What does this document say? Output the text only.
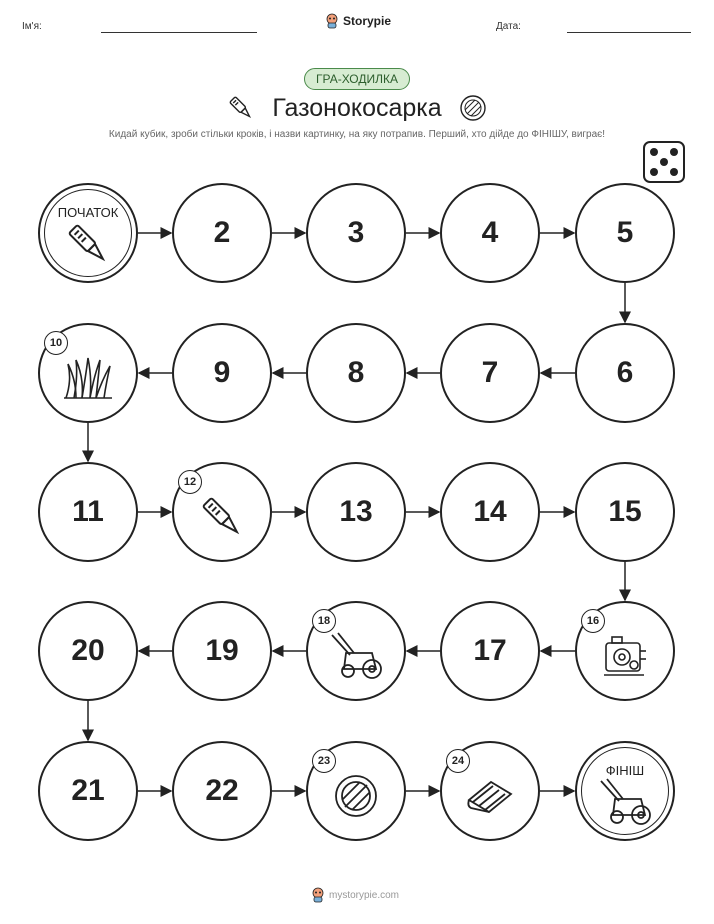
Ім'я:	Storypie	Дата:
ГРА-ХОДИЛКА
Газонокосарка
Кидай кубик, зроби стільки кроків, і назви картинку, на яку потрапив. Перший, хто дійде до ФІНІШУ, виграє!
ПОЧАТОК
2	3	4	5
6
7
8
9
10
11
12
13	14	15
16
17
18
19
20
21	22
23	24
ФІНІШ
mystorypie.com
